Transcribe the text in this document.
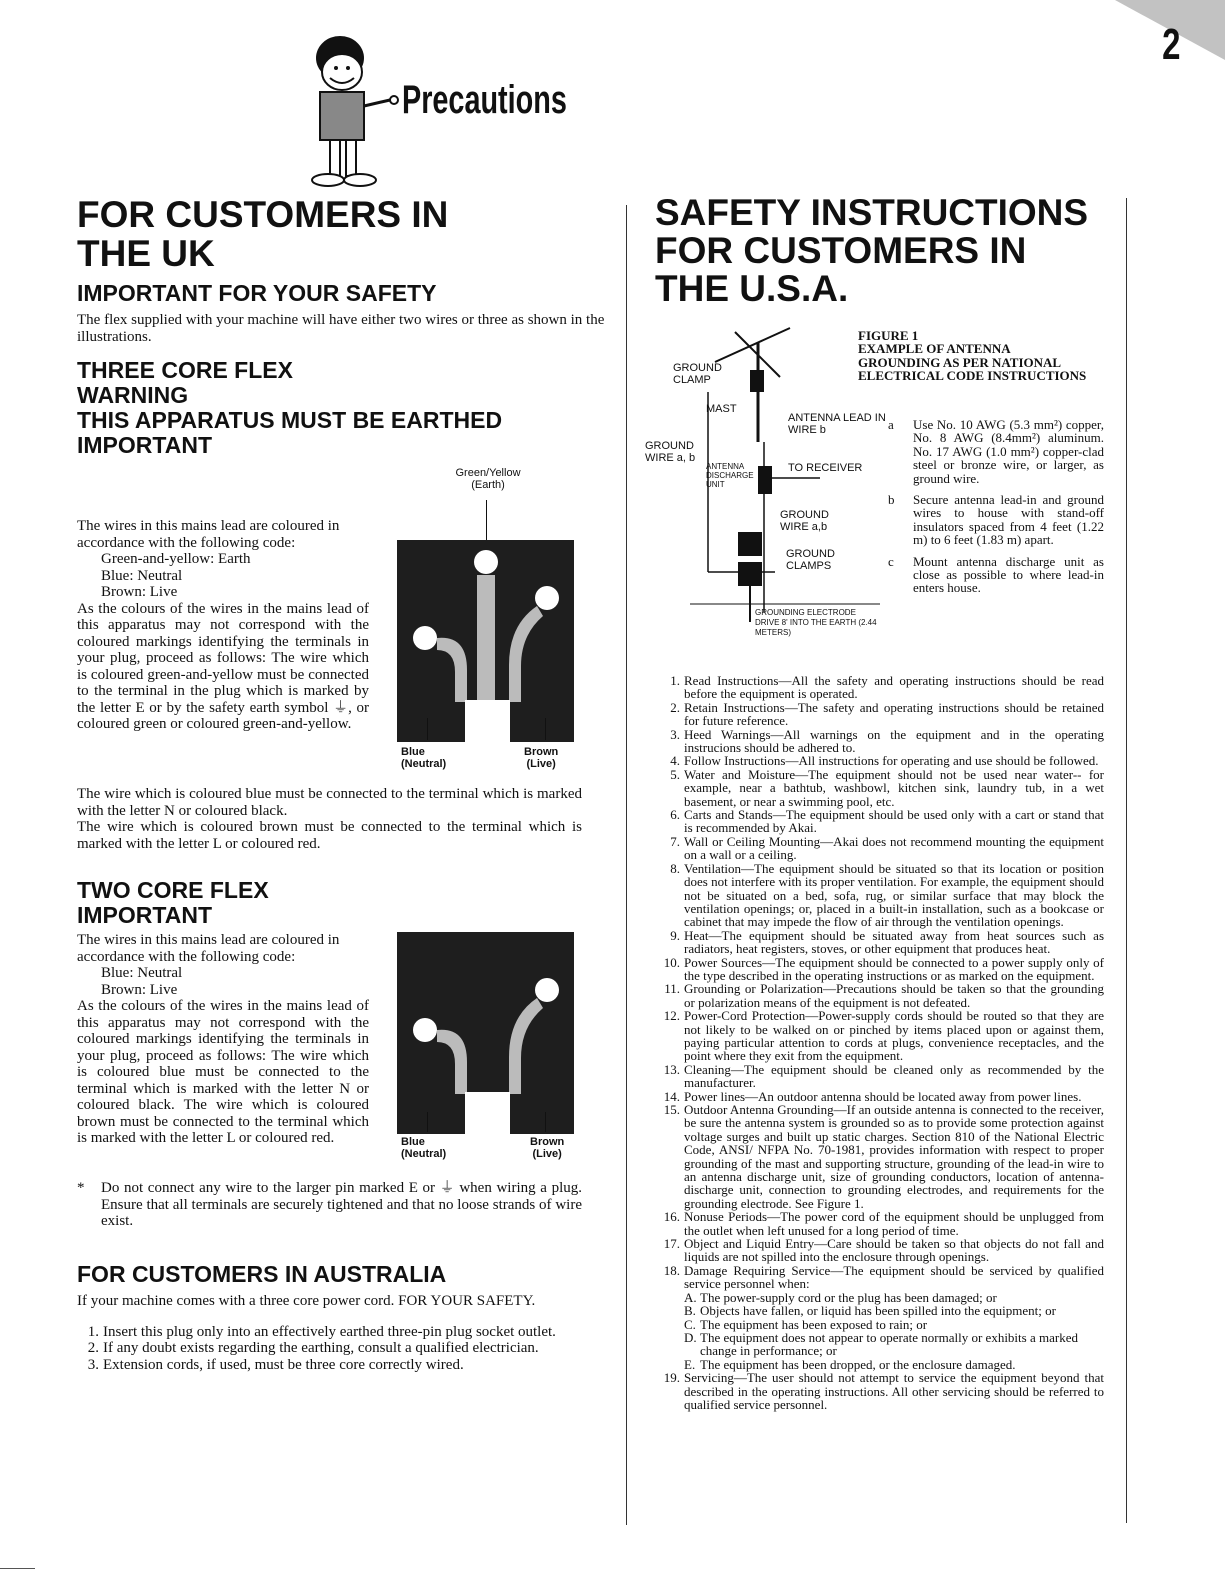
2
Precautions
FOR CUSTOMERS IN THE UK
IMPORTANT FOR YOUR SAFETY
The flex supplied with your machine will have either two wires or three as shown in the illustrations.
THREE CORE FLEX
WARNING
THIS APPARATUS MUST BE EARTHED
IMPORTANT
Green/Yellow
(Earth)
Blue
(Neutral)
Brown
(Live)
The wires in this mains lead are coloured in accordance with the following code:
Green-and-yellow: Earth
Blue: Neutral
Brown: Live
As the colours of the wires in the mains lead of this apparatus may not correspond with the coloured markings identifying the terminals in your plug, proceed as follows: The wire which is coloured green-and-yellow must be connected to the terminal in the plug which is marked by the letter E or by the safety earth symbol ⏚, or coloured green or coloured green-and-yellow.
The wire which is coloured blue must be connected to the terminal which is marked with the letter N or coloured black.
The wire which is coloured brown must be connected to the terminal which is marked with the letter L or coloured red.
TWO CORE FLEX
IMPORTANT
Blue
(Neutral)
Brown
(Live)
The wires in this mains lead are coloured in accordance with the following code:
Blue: Neutral
Brown: Live
As the colours of the wires in the mains lead of this apparatus may not correspond with the coloured markings identifying the terminals in your plug, proceed as follows: The wire which is coloured blue must be connected to the terminal which is marked with the letter N or coloured black. The wire which is coloured brown must be connected to the terminal which is marked with the letter L or coloured red.
*	Do not connect any wire to the larger pin marked E or ⏚ when wiring a plug. Ensure that all terminals are securely tightened and that no loose strands of wire exist.
FOR CUSTOMERS IN AUSTRALIA
If your machine comes with a three core power cord. FOR YOUR SAFETY.
1. Insert this plug only into an effectively earthed three-pin plug socket outlet.
2. If any doubt exists regarding the earthing, consult a qualified electrician.
3. Extension cords, if used, must be three core correctly wired.
SAFETY INSTRUCTIONS FOR CUSTOMERS IN THE U.S.A.
GROUND CLAMP
MAST
ANTENNA LEAD IN WIRE b
GROUND WIRE a, b
ANTENNA DISCHARGE UNIT
TO RECEIVER
GROUND WIRE a,b
GROUND CLAMPS
GROUNDING ELECTRODE DRIVE 8' INTO THE EARTH (2.44 METERS)
FIGURE 1
EXAMPLE OF ANTENNA
GROUNDING AS PER NATIONAL
ELECTRICAL CODE INSTRUCTIONS
a Use No. 10 AWG (5.3 mm²) copper, No. 8 AWG (8.4mm²) aluminum. No. 17 AWG (1.0 mm²) copper-clad steel or bronze wire, or larger, as ground wire.
b Secure antenna lead-in and ground wires to house with stand-off insulators spaced from 4 feet (1.22 m) to 6 feet (1.83 m) apart.
c Mount antenna discharge unit as close as possible to where lead-in enters house.
1. Read Instructions—All the safety and operating instructions should be read before the equipment is operated.
2. Retain Instructions—The safety and operating instructions should be retained for future reference.
3. Heed Warnings—All warnings on the equipment and in the operating instrucions should be adhered to.
4. Follow Instructions—All instructions for operating and use should be followed.
5. Water and Moisture—The equipment should not be used near water-- for example, near a bathtub, washbowl, kitchen sink, laundry tub, in a wet basement, or near a swimming pool, etc.
6. Carts and Stands—The equipment should be used only with a cart or stand that is recommended by Akai.
7. Wall or Ceiling Mounting—Akai does not recommend mounting the equipment on a wall or a ceiling.
8. Ventilation—The equipment should be situated so that its location or position does not interfere with its proper ventilation. For example, the equipment should not be situated on a bed, sofa, rug, or similar surface that may block the ventilation openings; or, placed in a built-in installation, such as a bookcase or cabinet that may impede the flow of air through the ventilation openings.
9. Heat—The equipment should be situated away from heat sources such as radiators, heat registers, stoves, or other equipment that produces heat.
10. Power Sources—The equipment should be connected to a power supply only of the type described in the operating instructions or as marked on the equipment.
11. Grounding or Polarization—Precautions should be taken so that the grounding or polarization means of the equipment is not defeated.
12. Power-Cord Protection—Power-supply cords should be routed so that they are not likely to be walked on or pinched by items placed upon or against them, paying particular attention to cords at plugs, convenience receptacles, and the point where they exit from the equipment.
13. Cleaning—The equipment should be cleaned only as recommended by the manufacturer.
14. Power lines—An outdoor antenna should be located away from power lines.
15. Outdoor Antenna Grounding—If an outside antenna is connected to the receiver, be sure the antenna system is grounded so as to provide some protection against voltage surges and built up static charges. Section 810 of the National Electric Code, ANSI/ NFPA No. 70-1981, provides information with respect to proper grounding of the mast and supporting structure, grounding of the lead-in wire to an antenna discharge unit, size of grounding conductors, location of antenna-discharge unit, connection to grounding electrodes, and requirements for the grounding electrode. See Figure 1.
16. Nonuse Periods—The power cord of the equipment should be unplugged from the outlet when left unused for a long period of time.
17. Object and Liquid Entry—Care should be taken so that objects do not fall and liquids are not spilled into the enclosure through openings.
18. Damage Requiring Service—The equipment should be serviced by qualified service personnel when:
A. The power-supply cord or the plug has been damaged; or
B. Objects have fallen, or liquid has been spilled into the equipment; or
C. The equipment has been exposed to rain; or
D. The equipment does not appear to operate normally or exhibits a marked change in performance; or
E. The equipment has been dropped, or the enclosure damaged.
19. Servicing—The user should not attempt to service the equipment beyond that described in the operating instructions. All other servicing should be referred to qualified service personnel.
